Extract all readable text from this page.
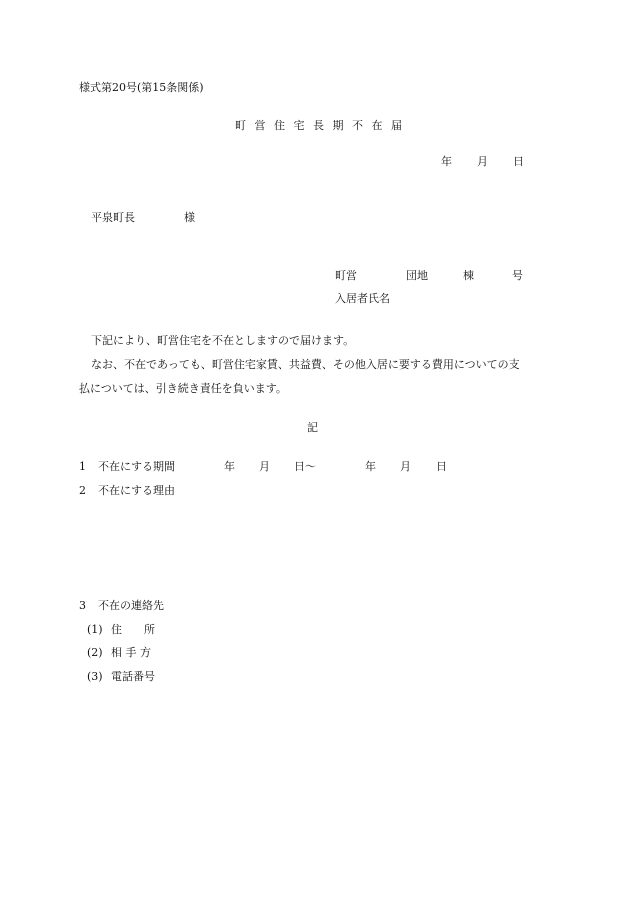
様式第20号(第15条関係)
町 営 住 宅 長 期 不 在 届
年 月 日
平泉町長	様
町営	団地	棟	号
入居者氏名
下記により、町営住宅を不在としますので届けます。
なお、不在であっても、町営住宅家賃、共益費、その他入居に要する費用についての支
払については、引き続き責任を負います。
記
1 不在にする期間	年 月 日〜	年 月 日
2 不在にする理由
3 不在の連絡先
(1) 住　　所
(2) 相 手 方
(3) 電話番号
